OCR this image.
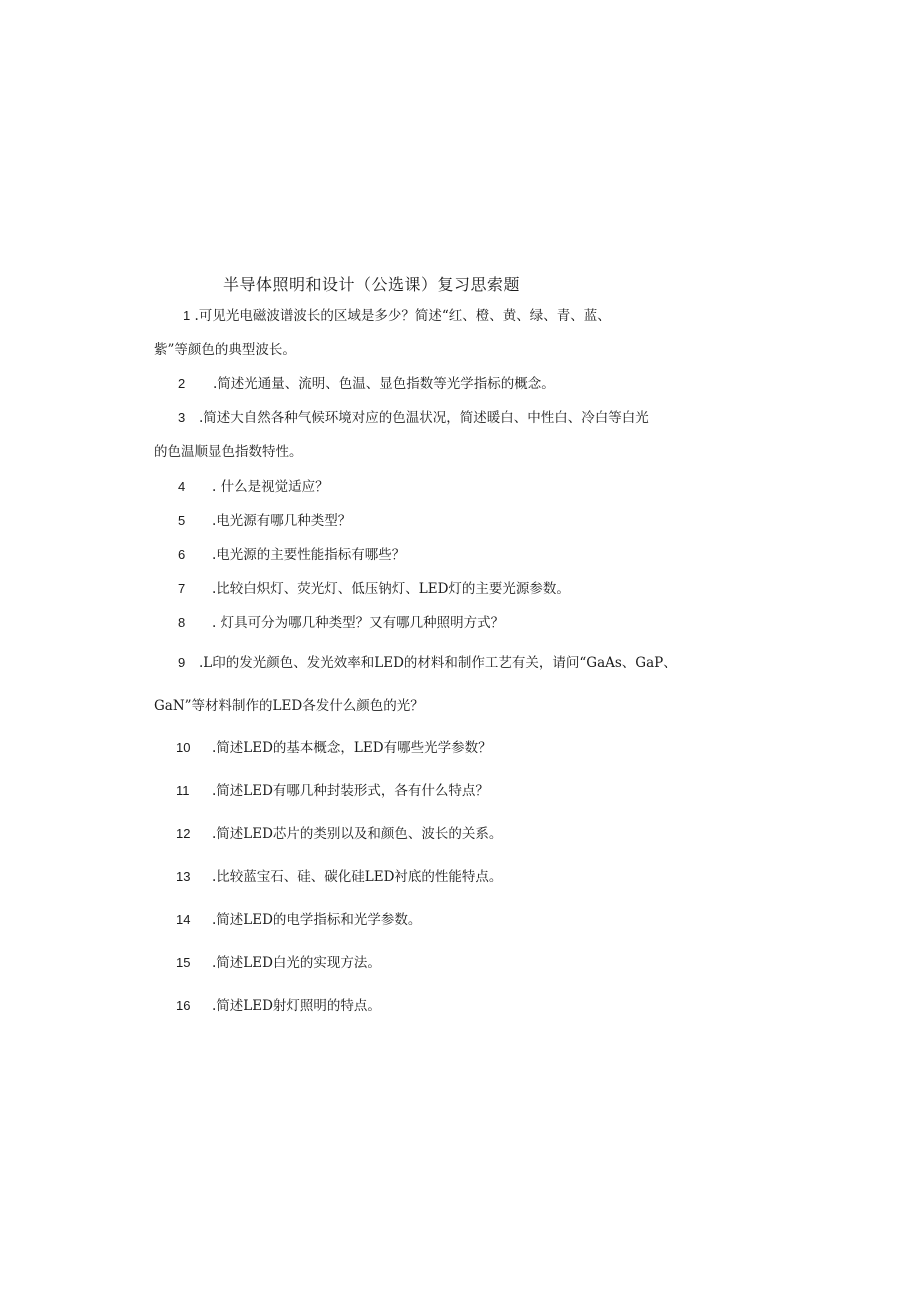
半导体照明和设计（公选课）复习思索题
1 .可见光电磁波谱波长的区域是多少？简述“红、橙、黄、绿、青、蓝、
紫”等颜色的典型波长。
2 .简述光通量、流明、色温、显色指数等光学指标的概念。
3 .简述大自然各种气候环境对应的色温状况，简述暖白、中性白、冷白等白光
的色温顺显色指数特性。
4 . 什么是视觉适应？
5 .电光源有哪几种类型？
6 .电光源的主要性能指标有哪些？
7 .比较白炽灯、荧光灯、低压钠灯、LED灯的主要光源参数。
8 . 灯具可分为哪几种类型？又有哪几种照明方式？
9 .L印的发光颜色、发光效率和LED的材料和制作工艺有关，请问“GaAs、GaP、
GaN”等材料制作的LED各发什么颜色的光？
10 .简述LED的基本概念，LED有哪些光学参数？
11 .简述LED有哪几种封装形式，各有什么特点？
12 .简述LED芯片的类别以及和颜色、波长的关系。
13 .比较蓝宝石、硅、碳化硅LED衬底的性能特点。
14 .简述LED的电学指标和光学参数。
15 .简述LED白光的实现方法。
16 .简述LED射灯照明的特点。
